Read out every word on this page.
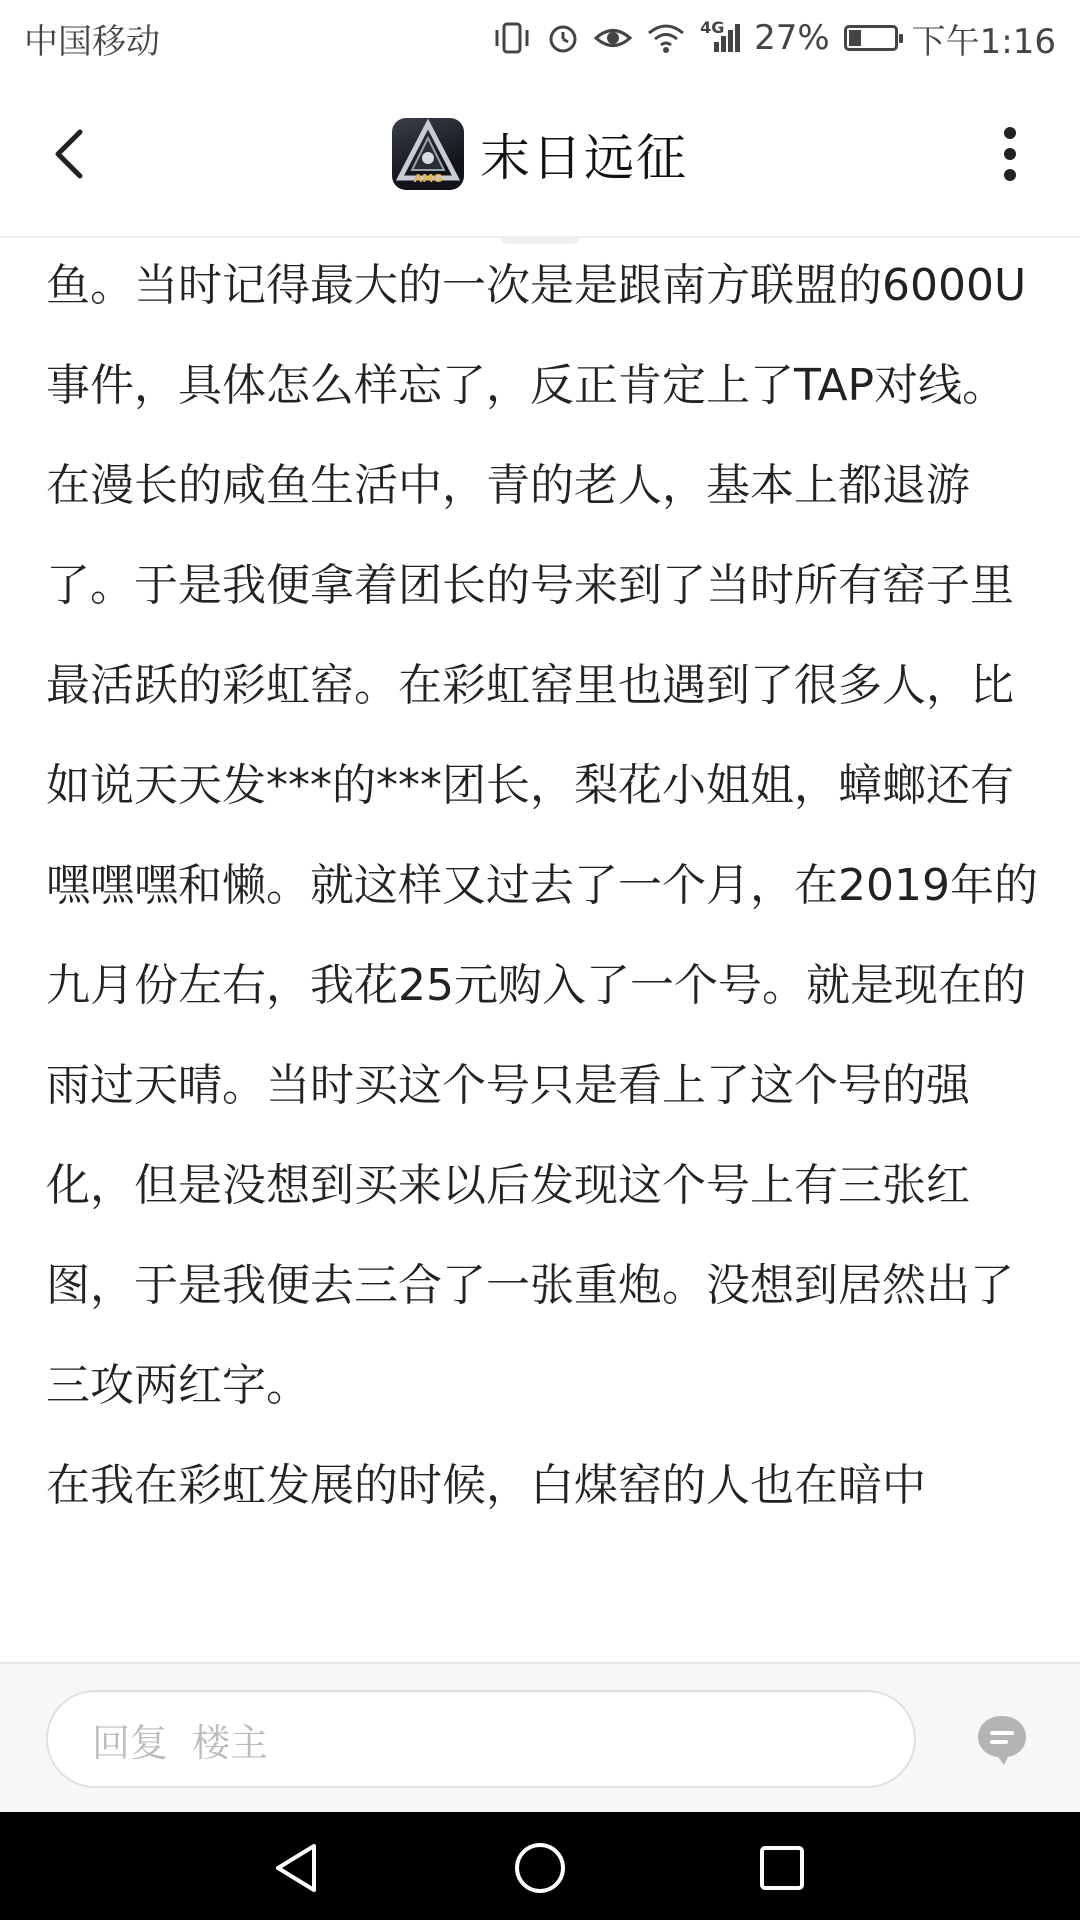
中国移动	4G 27% 下午1:16
AMG 末日远征

鱼。当时记得最大的一次是是跟南方联盟的6000U事件，具体怎么样忘了，反正肯定上了TAP对线。在漫长的咸鱼生活中，青的老人，基本上都退游了。于是我便拿着团长的号来到了当时所有窑子里最活跃的彩虹窑。在彩虹窑里也遇到了很多人，比如说天天发***的***团长，梨花小姐姐，蟑螂还有嘿嘿嘿和懒。就这样又过去了一个月，在2019年的九月份左右，我花25元购入了一个号。就是现在的雨过天晴。当时买这个号只是看上了这个号的强化，但是没想到买来以后发现这个号上有三张红图，于是我便去三合了一张重炮。没想到居然出了三攻两红字。

在我在彩虹发展的时候，白煤窑的人也在暗中

回复  楼主
